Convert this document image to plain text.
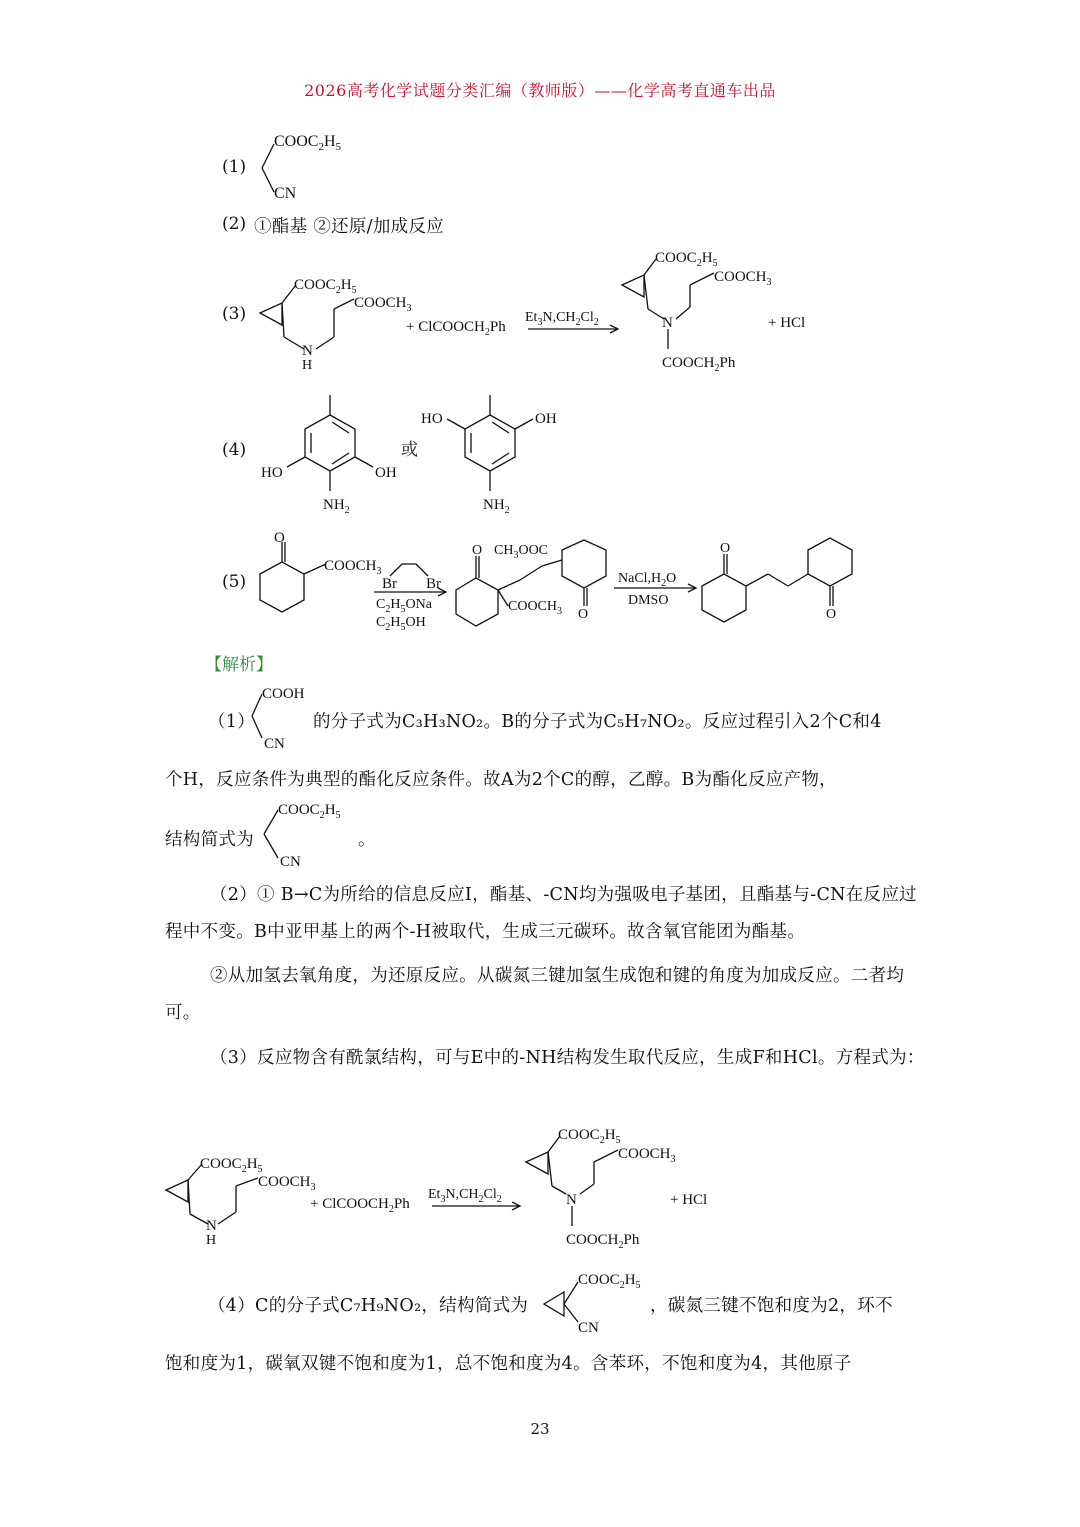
2026高考化学试题分类汇编（教师版）——化学高考直通车出品
(1)
$COOC_2H_5$
CN
(2) ①酯基 ②还原/加成反应
(3)
$COOC_2H_5$
$COOCH_3$
N
H
+ ClCOOCH$_2$Ph
$Et_3N,CH_2Cl_2$
$COOC_2H_5$
$COOCH_3$
N
$COOCH_2Ph$
+ HCl
(4)
HO	OH
$NH_2$
或
HO	OH
$NH_2$
(5)
O
$COOCH_3$
Br Br
$C_2H_5ONa$
$C_2H_5OH$
O
O
$CH_3OOC$
$COOCH_3$
$NaCl,H_2O$
DMSO
O
O
【解析】
（1）
COOH
CN
的分子式为C₃H₃NO₂。B的分子式为C₅H₇NO₂。反应过程引入2个C和4
个H，反应条件为典型的酯化反应条件。故A为2个C的醇，乙醇。B为酯化反应产物，
结构简式为
$COOC_2H_5$
CN
。
（2）① B→C为所给的信息反应I，酯基、-CN均为强吸电子基团，且酯基与-CN在反应过程中不变。B中亚甲基上的两个-H被取代，生成三元碳环。故含氧官能团为酯基。
②从加氢去氧角度，为还原反应。从碳氮三键加氢生成饱和键的角度为加成反应。二者均可。
（3）反应物含有酰氯结构，可与E中的-NH结构发生取代反应，生成F和HCl。方程式为：
$COOC_2H_5$
$COOCH_3$
N
H
+ ClCOOCH$_2$Ph
$Et_3N,CH_2Cl_2$
$COOC_2H_5$
$COOCH_3$
N
$COOCH_2Ph$
+ HCl
（4）C的分子式C₇H₉NO₂，结构简式为
$COOC_2H_5$
CN
，碳氮三键不饱和度为2，环不
饱和度为1，碳氧双键不饱和度为1，总不饱和度为4。含苯环，不饱和度为4，其他原子
23
